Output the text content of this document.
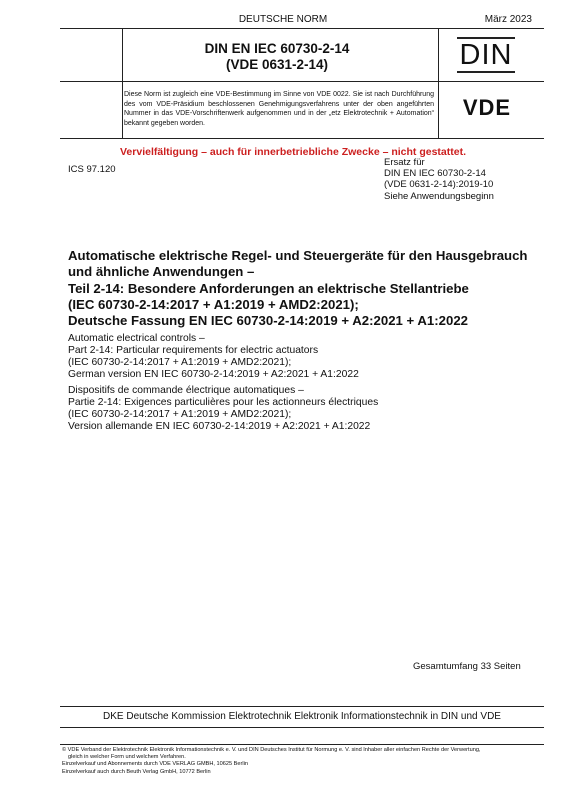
DEUTSCHE NORM	März 2023
DIN EN IEC 60730-2-14
(VDE 0631-2-14)	DIN
Diese Norm ist zugleich eine VDE-Bestimmung im Sinne von VDE 0022. Sie ist nach Durchführung des vom VDE-Präsidium beschlossenen Genehmigungsverfahrens unter der oben angeführten Nummer in das VDE-Vorschriftenwerk aufgenommen und in der „etz Elektrotechnik + Automation“ bekannt gegeben worden.
VDE
Vervielfältigung – auch für innerbetriebliche Zwecke – nicht gestattet.
ICS 97.120
Ersatz für
DIN EN IEC 60730-2-14
(VDE 0631-2-14):2019-10
Siehe Anwendungsbeginn
Automatische elektrische Regel- und Steuergeräte für den Hausgebrauch
und ähnliche Anwendungen –
Teil 2-14: Besondere Anforderungen an elektrische Stellantriebe
(IEC 60730-2-14:2017 + A1:2019 + AMD2:2021);
Deutsche Fassung EN IEC 60730-2-14:2019 + A2:2021 + A1:2022
Automatic electrical controls –
Part 2-14: Particular requirements for electric actuators
(IEC 60730-2-14:2017 + A1:2019 + AMD2:2021);
German version EN IEC 60730-2-14:2019 + A2:2021 + A1:2022
Dispositifs de commande électrique automatiques –
Partie 2-14: Exigences particulières pour les actionneurs électriques
(IEC 60730-2-14:2017 + A1:2019 + AMD2:2021);
Version allemande EN IEC 60730-2-14:2019 + A2:2021 + A1:2022
Gesamtumfang 33 Seiten
DKE Deutsche Kommission Elektrotechnik Elektronik Informationstechnik in DIN und VDE
© VDE Verband der Elektrotechnik Elektronik Informationstechnik e. V. und DIN Deutsches Institut für Normung e. V. sind Inhaber aller einfachen Rechte der Verwertung,
gleich in welcher Form und welchem Verfahren.
Einzelverkauf und Abonnements durch VDE VERLAG GMBH, 10625 Berlin
Einzelverkauf auch durch Beuth Verlag GmbH, 10772 Berlin
